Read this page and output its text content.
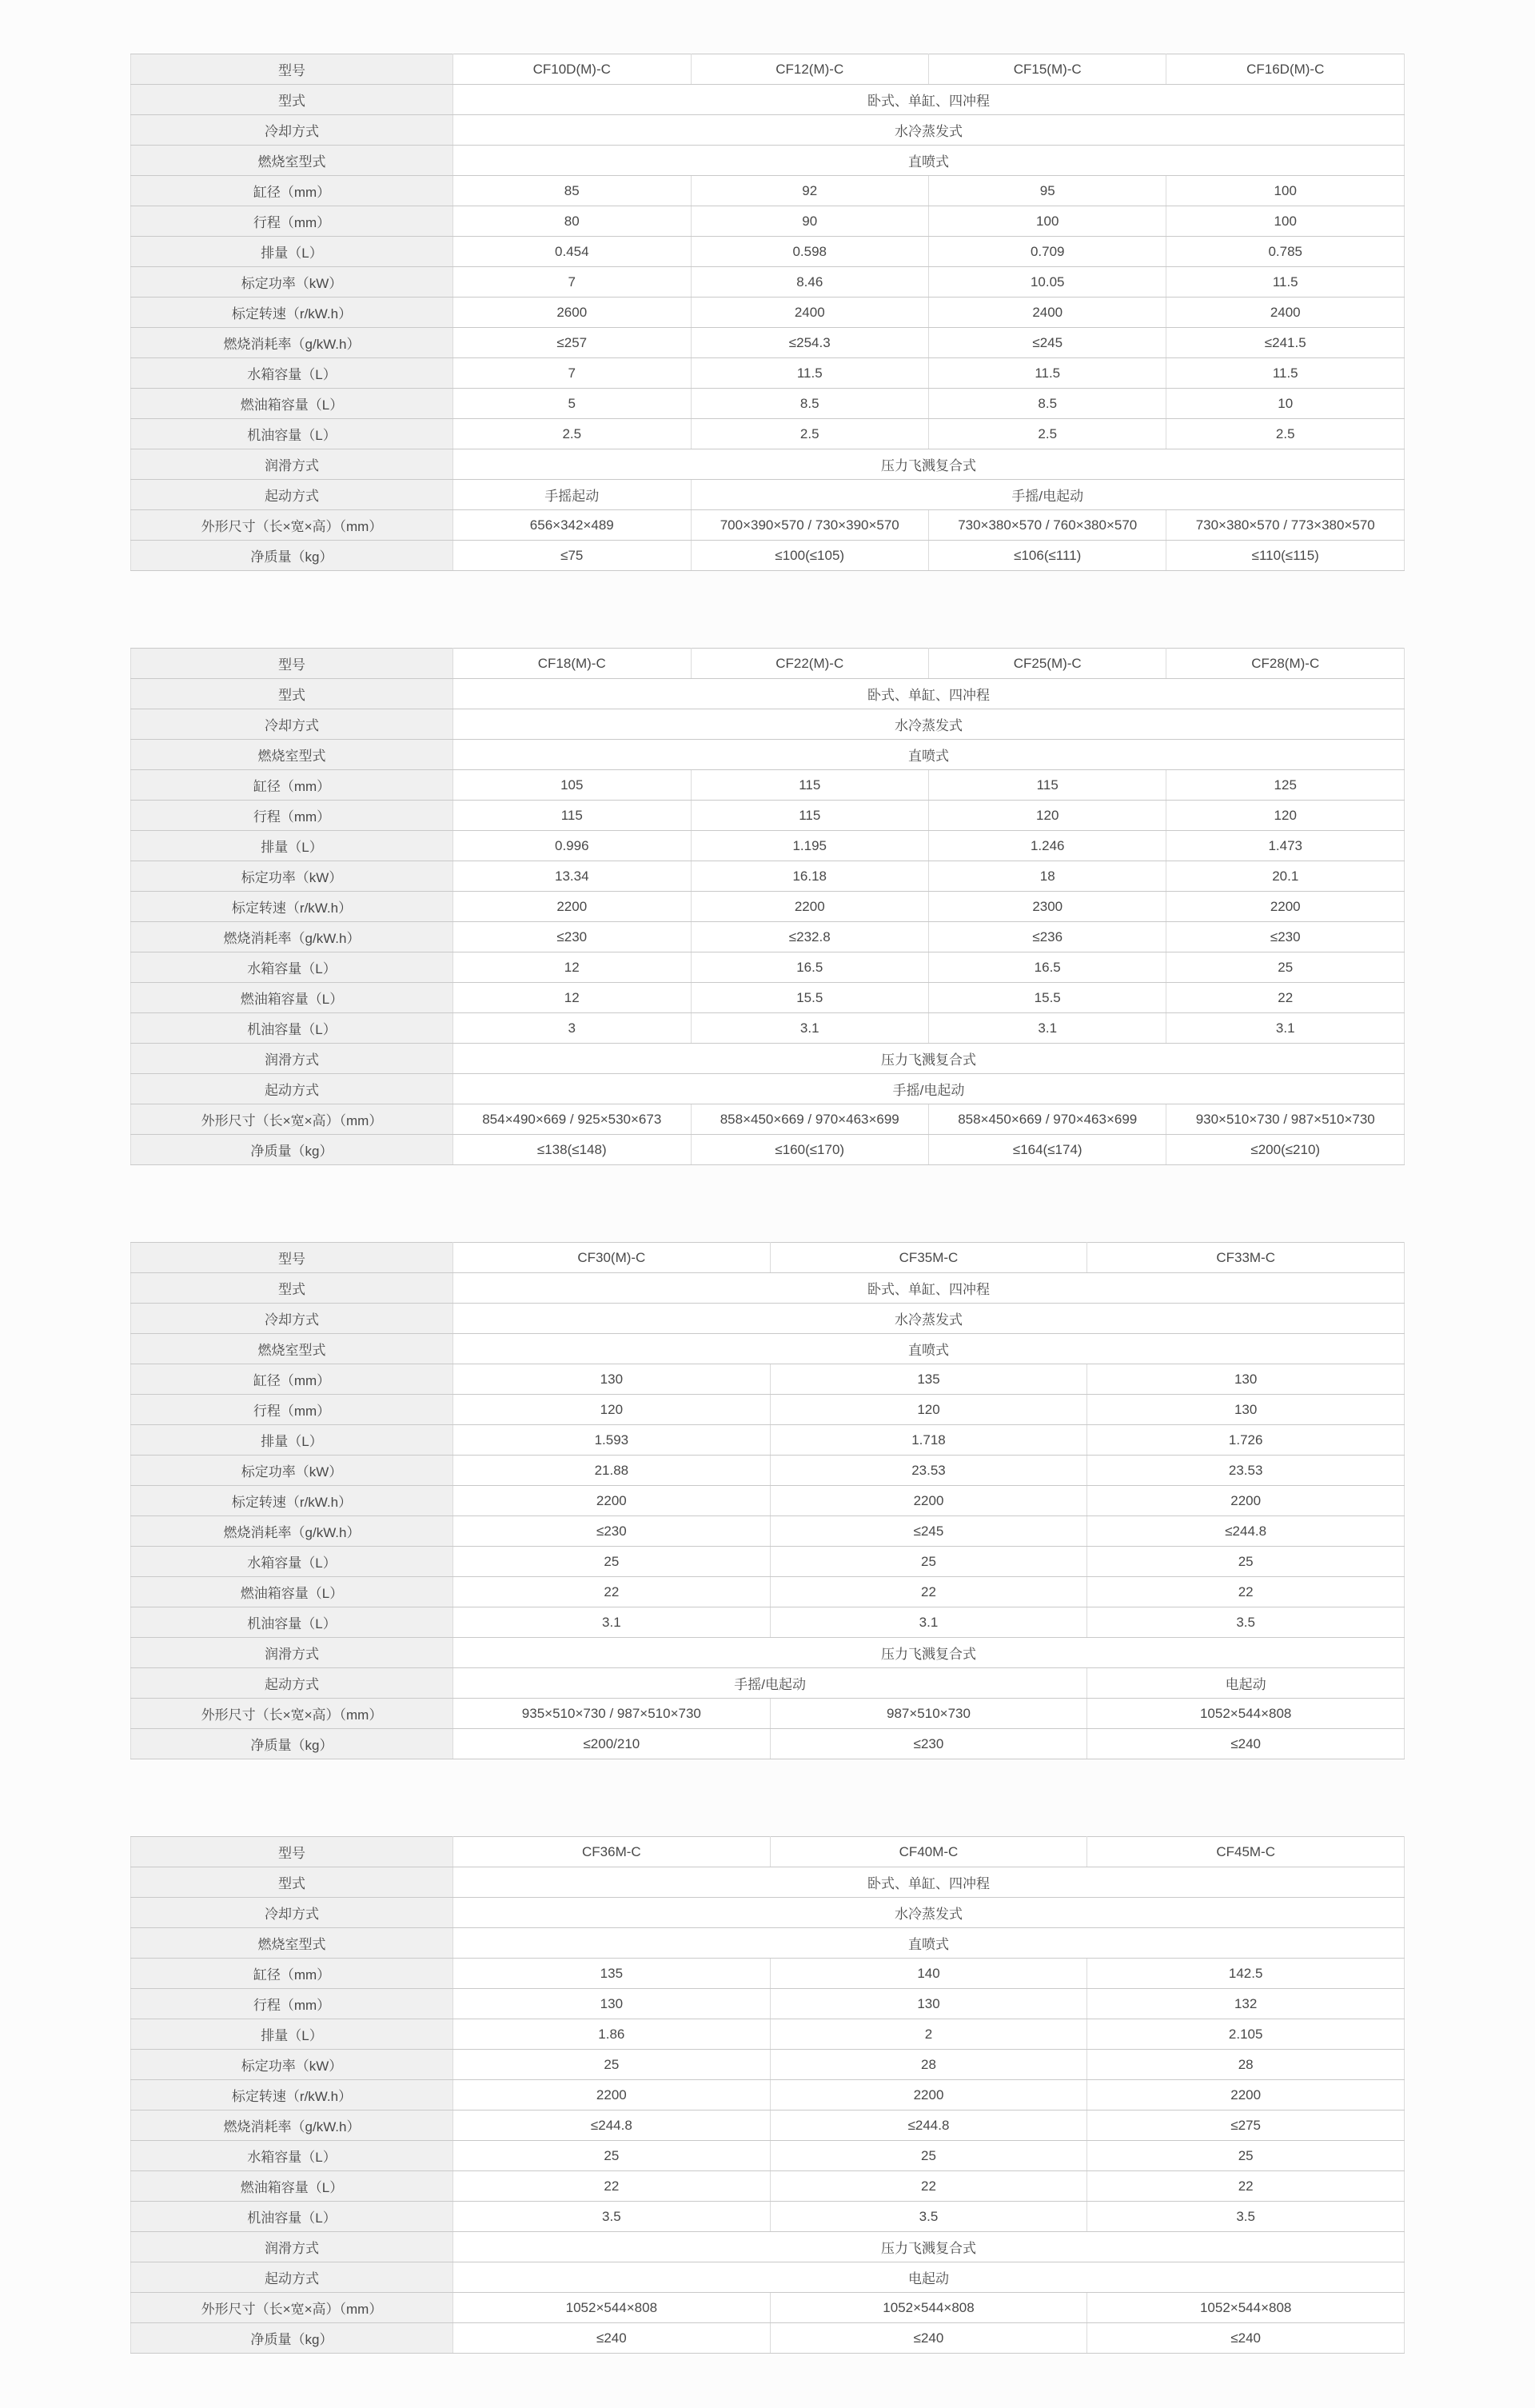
型号	CF10D(M)-C	CF12(M)-C	CF15(M)-C	CF16D(M)-C
型式	卧式、单缸、四冲程			
冷却方式	水冷蒸发式			
燃烧室型式	直喷式			
缸径（mm）	85	92	95	100
行程（mm）	80	90	100	100
排量（L）	0.454	0.598	0.709	0.785
标定功率（kW）	7	8.46	10.05	11.5
标定转速（r/kW.h）	2600	2400	2400	2400
燃烧消耗率（g/kW.h）	≤257	≤254.3	≤245	≤241.5
水箱容量（L）	7	11.5	11.5	11.5
燃油箱容量（L）	5	8.5	8.5	10
机油容量（L）	2.5	2.5	2.5	2.5
润滑方式	压力飞溅复合式			
起动方式	手摇起动	手摇/电起动		
外形尺寸（长×宽×高）（mm）	656×342×489	700×390×570 / 730×390×570	730×380×570 / 760×380×570	730×380×570 / 773×380×570
净质量（kg）	≤75	≤100(≤105)	≤106(≤111)	≤110(≤115)
型号	CF18(M)-C	CF22(M)-C	CF25(M)-C	CF28(M)-C
型式	卧式、单缸、四冲程			
冷却方式	水冷蒸发式			
燃烧室型式	直喷式			
缸径（mm）	105	115	115	125
行程（mm）	115	115	120	120
排量（L）	0.996	1.195	1.246	1.473
标定功率（kW）	13.34	16.18	18	20.1
标定转速（r/kW.h）	2200	2200	2300	2200
燃烧消耗率（g/kW.h）	≤230	≤232.8	≤236	≤230
水箱容量（L）	12	16.5	16.5	25
燃油箱容量（L）	12	15.5	15.5	22
机油容量（L）	3	3.1	3.1	3.1
润滑方式	压力飞溅复合式			
起动方式	手摇/电起动			
外形尺寸（长×宽×高）（mm）	854×490×669 / 925×530×673	858×450×669 / 970×463×699	858×450×669 / 970×463×699	930×510×730 / 987×510×730
净质量（kg）	≤138(≤148)	≤160(≤170)	≤164(≤174)	≤200(≤210)
型号	CF30(M)-C	CF35M-C	CF33M-C
型式	卧式、单缸、四冲程		
冷却方式	水冷蒸发式		
燃烧室型式	直喷式		
缸径（mm）	130	135	130
行程（mm）	120	120	130
排量（L）	1.593	1.718	1.726
标定功率（kW）	21.88	23.53	23.53
标定转速（r/kW.h）	2200	2200	2200
燃烧消耗率（g/kW.h）	≤230	≤245	≤244.8
水箱容量（L）	25	25	25
燃油箱容量（L）	22	22	22
机油容量（L）	3.1	3.1	3.5
润滑方式	压力飞溅复合式		
起动方式	手摇/电起动		电起动
外形尺寸（长×宽×高）（mm）	935×510×730 / 987×510×730	987×510×730	1052×544×808
净质量（kg）	≤200/210	≤230	≤240
型号	CF36M-C	CF40M-C	CF45M-C
型式	卧式、单缸、四冲程		
冷却方式	水冷蒸发式		
燃烧室型式	直喷式		
缸径（mm）	135	140	142.5
行程（mm）	130	130	132
排量（L）	1.86	2	2.105
标定功率（kW）	25	28	28
标定转速（r/kW.h）	2200	2200	2200
燃烧消耗率（g/kW.h）	≤244.8	≤244.8	≤275
水箱容量（L）	25	25	25
燃油箱容量（L）	22	22	22
机油容量（L）	3.5	3.5	3.5
润滑方式	压力飞溅复合式		
起动方式	电起动		
外形尺寸（长×宽×高）（mm）	1052×544×808	1052×544×808	1052×544×808
净质量（kg）	≤240	≤240	≤240
